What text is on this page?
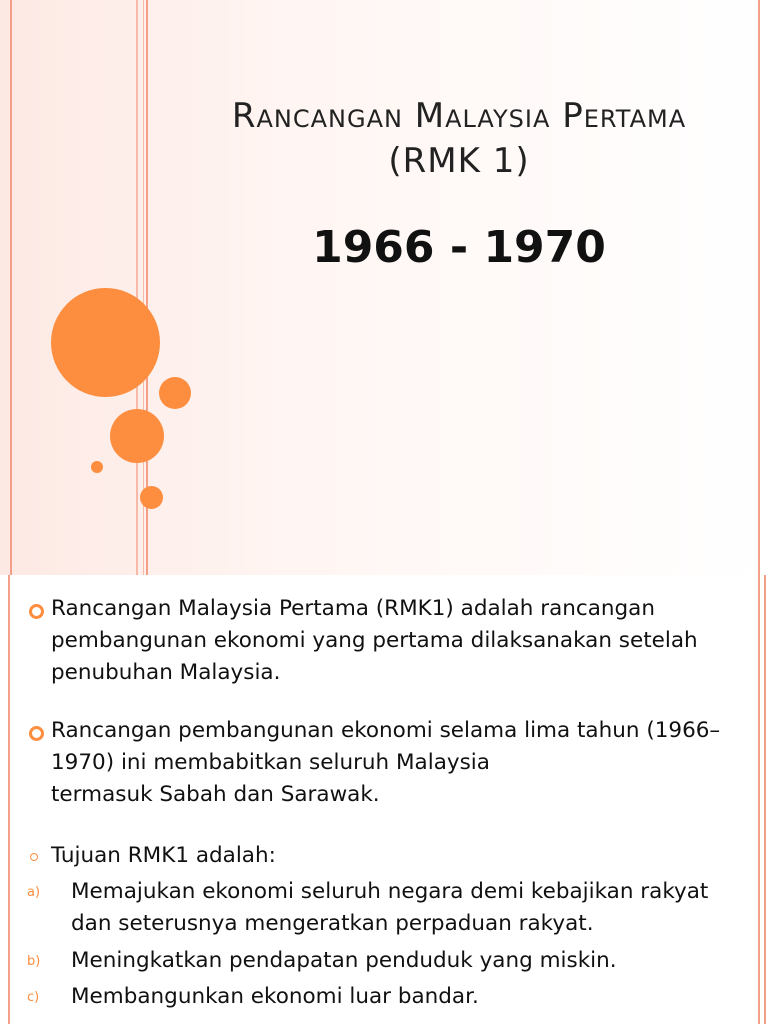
Rancangan Malaysia Pertama
(RMK 1)
1966 - 1970
Rancangan Malaysia Pertama (RMK1) adalah rancangan
pembangunan ekonomi yang pertama dilaksanakan setelah
penubuhan Malaysia.
Rancangan pembangunan ekonomi selama lima tahun (1966–
1970) ini membabitkan seluruh Malaysia
termasuk Sabah dan Sarawak.
Tujuan RMK1 adalah:
a) Memajukan ekonomi seluruh negara demi kebajikan rakyat
dan seterusnya mengeratkan perpaduan rakyat.
b) Meningkatkan pendapatan penduduk yang miskin.
c) Membangunkan ekonomi luar bandar.
